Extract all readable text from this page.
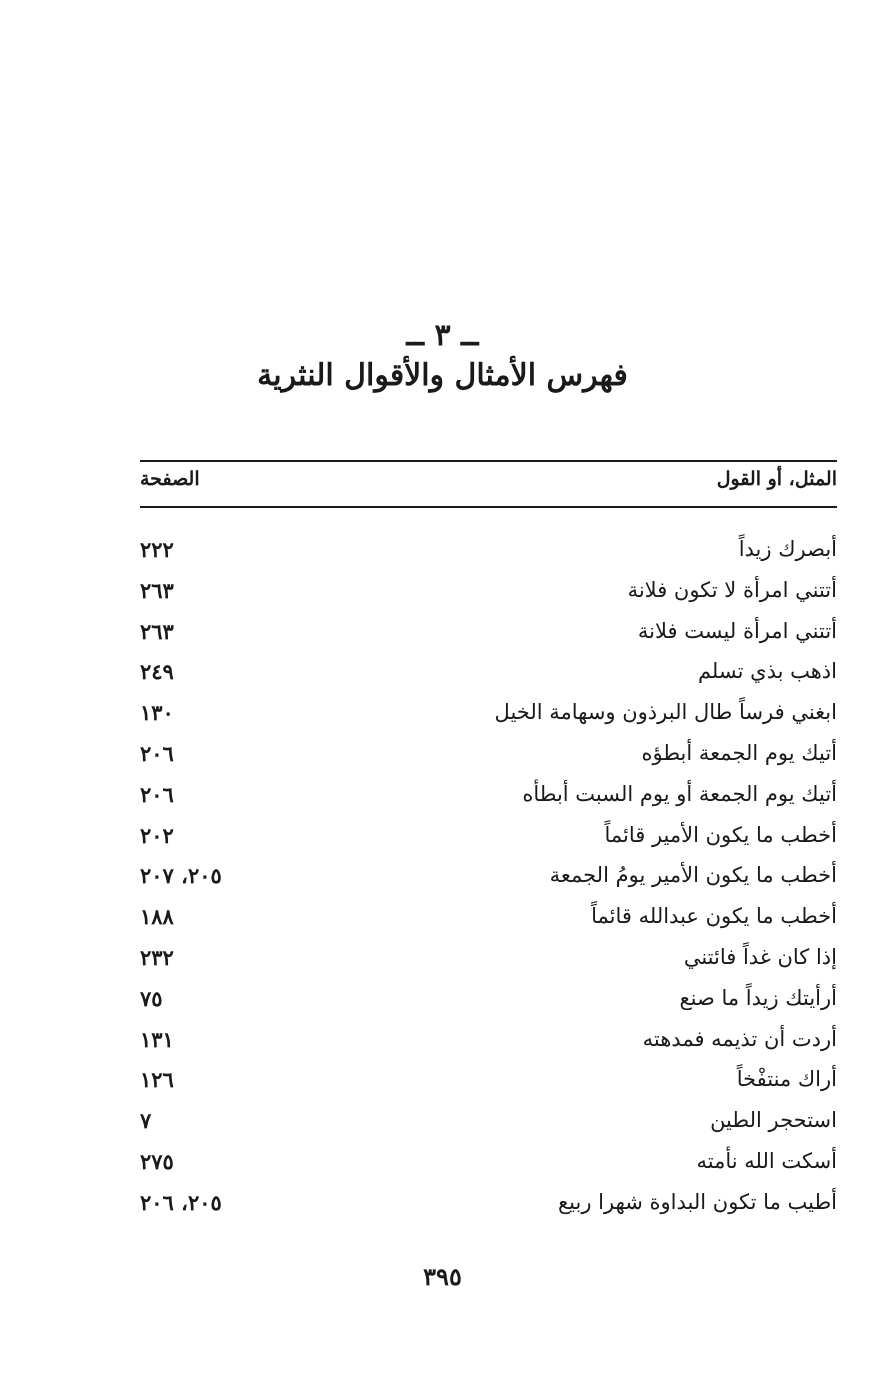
ــ ٣ ــ
فهرس الأمثال والأقوال النثرية
المثل، أو القول
الصفحة
أبصرك زيداً
٢٢٢
أتتني امرأة لا تكون فلانة
٢٦٣
أتتني امرأة ليست فلانة
٢٦٣
اذهب بذي تسلم
٢٤٩
ابغني فرساً طال البرذون وسهامة الخيل
١٣٠
أتيك يوم الجمعة أبطؤه
٢٠٦
أتيك يوم الجمعة أو يوم السبت أبطأه
٢٠٦
أخطب ما يكون الأمير قائماً
٢٠٢
أخطب ما يكون الأمير يومُ الجمعة
٢٠٥، ٢٠٧
أخطب ما يكون عبدالله قائماً
١٨٨
إذا كان غداً فائتني
٢٣٢
أرأيتك زيداً ما صنع
٧٥
أردت أن تذيمه فمدهته
١٣١
أراك منتفْخاً
١٢٦
استحجر الطين
٧
أسكت الله نأمته
٢٧٥
أطيب ما تكون البداوة شهرا ربيع
٢٠٥، ٢٠٦
٣٩٥
